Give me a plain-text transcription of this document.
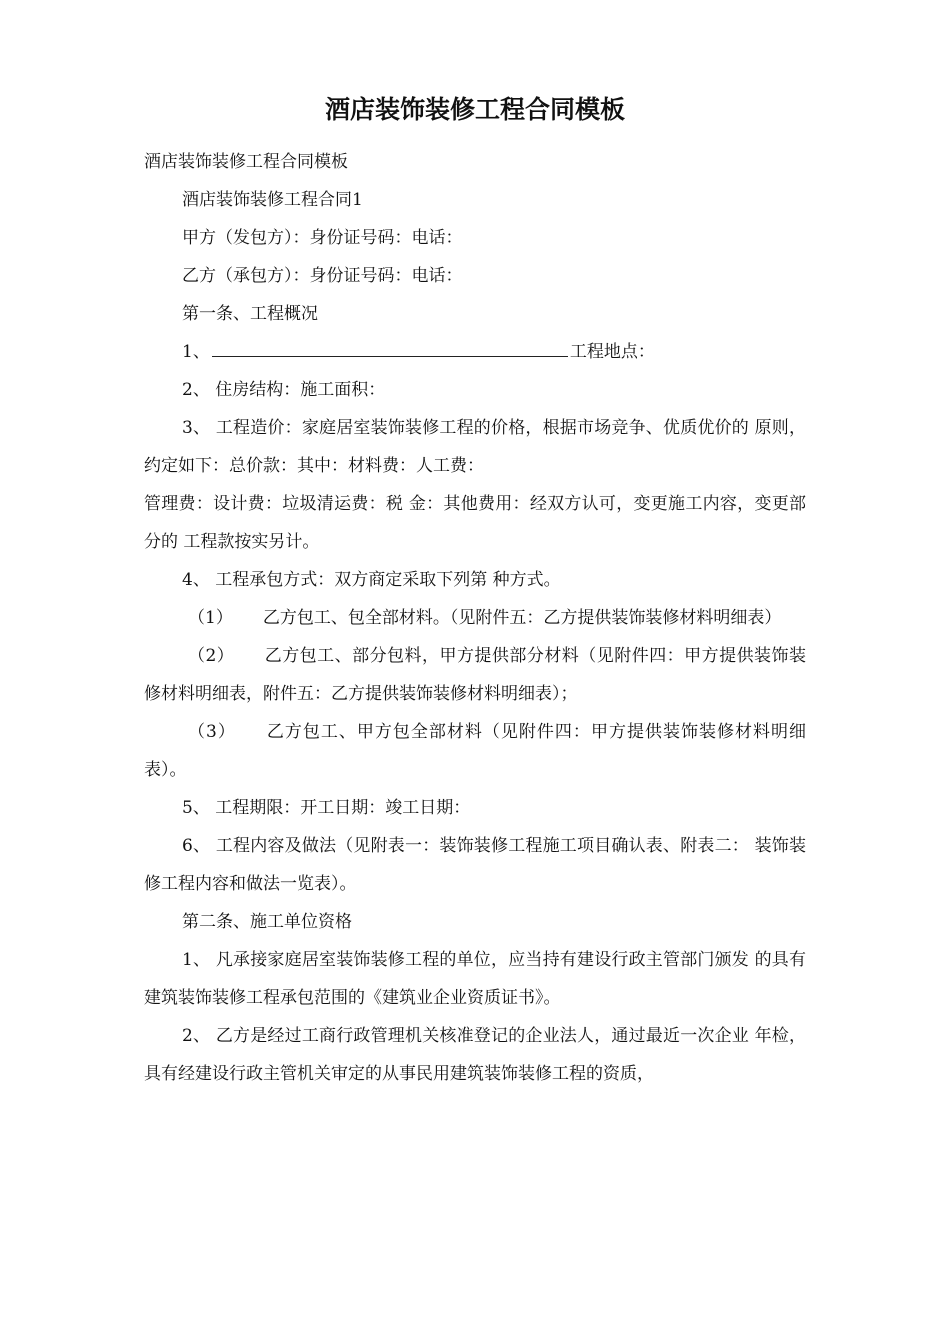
酒店装饰装修工程合同模板

酒店装饰装修工程合同模板

酒店装饰装修工程合同1

甲方（发包方）：身份证号码：电话：

乙方（承包方）：身份证号码：电话：

第一条、工程概况

1、	工程地点：

2、 住房结构：施工面积：

3、 工程造价：家庭居室装饰装修工程的价格，根据市场竞争、优质优价的 原则，约定如下：总价款：其中：材料费：人工费：

管理费：设计费：垃圾清运费：税 金：其他费用：经双方认可，变更施工内容，变更部分的 工程款按实另计。

4、 工程承包方式：双方商定采取下列第 种方式。

（1） 乙方包工、包全部材料。（见附件五：乙方提供装饰装修材料明细表）

（2） 乙方包工、部分包料，甲方提供部分材料（见附件四：甲方提供装饰装 修材料明细表，附件五：乙方提供装饰装修材料明细表）；

（3） 乙方包工、甲方包全部材料（见附件四：甲方提供装饰装修材料明细 表）。

5、 工程期限：开工日期：竣工日期：

6、 工程内容及做法（见附表一：装饰装修工程施工项目确认表、附表二： 装饰装修工程内容和做法一览表）。

第二条、施工单位资格

1、 凡承接家庭居室装饰装修工程的单位，应当持有建设行政主管部门颁发 的具有建筑装饰装修工程承包范围的《建筑业企业资质证书》。

2、 乙方是经过工商行政管理机关核准登记的企业法人，通过最近一次企业 年检，具有经建设行政主管机关审定的从事民用建筑装饰装修工程的资质，
